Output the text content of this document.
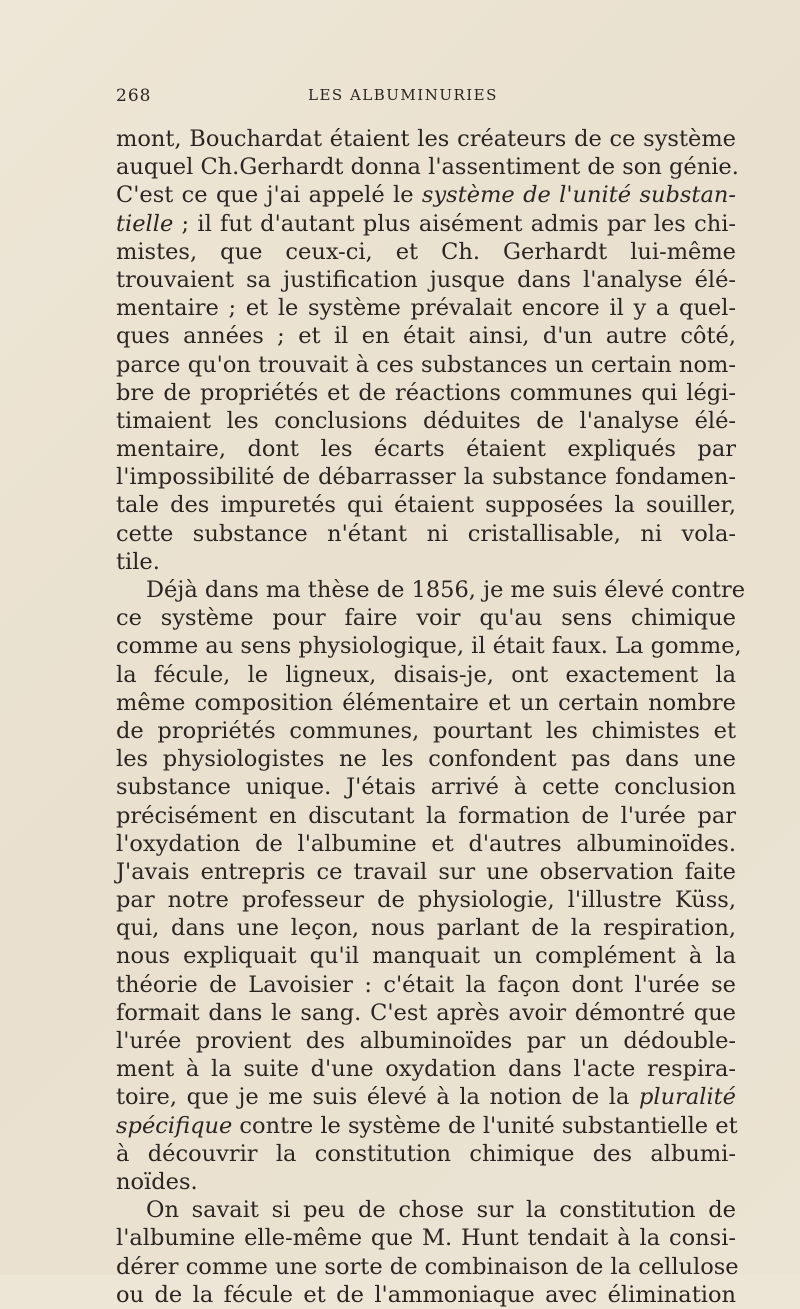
268	LES ALBUMINURIES
mont, Bouchardat étaient les créateurs de ce système
auquel Ch.Gerhardt donna l'assentiment de son génie.
C'est ce que j'ai appelé le système de l'unité substan-
tielle ; il fut d'autant plus aisément admis par les chi-
mistes, que ceux-ci, et Ch. Gerhardt lui-même
trouvaient sa justification jusque dans l'analyse élé-
mentaire ; et le système prévalait encore il y a quel-
ques années ; et il en était ainsi, d'un autre côté,
parce qu'on trouvait à ces substances un certain nom-
bre de propriétés et de réactions communes qui légi-
timaient les conclusions déduites de l'analyse élé-
mentaire, dont les écarts étaient expliqués par
l'impossibilité de débarrasser la substance fondamen-
tale des impuretés qui étaient supposées la souiller,
cette substance n'étant ni cristallisable, ni vola-
tile.
Déjà dans ma thèse de 1856, je me suis élevé contre
ce système pour faire voir qu'au sens chimique
comme au sens physiologique, il était faux. La gomme,
la fécule, le ligneux, disais-je, ont exactement la
même composition élémentaire et un certain nombre
de propriétés communes, pourtant les chimistes et
les physiologistes ne les confondent pas dans une
substance unique. J'étais arrivé à cette conclusion
précisément en discutant la formation de l'urée par
l'oxydation de l'albumine et d'autres albuminoïdes.
J'avais entrepris ce travail sur une observation faite
par notre professeur de physiologie, l'illustre Küss,
qui, dans une leçon, nous parlant de la respiration,
nous expliquait qu'il manquait un complément à la
théorie de Lavoisier : c'était la façon dont l'urée se
formait dans le sang. C'est après avoir démontré que
l'urée provient des albuminoïdes par un dédouble-
ment à la suite d'une oxydation dans l'acte respira-
toire, que je me suis élevé à la notion de la pluralité
spécifique contre le système de l'unité substantielle et
à découvrir la constitution chimique des albumi-
noïdes.
On savait si peu de chose sur la constitution de
l'albumine elle-même que M. Hunt tendait à la consi-
dérer comme une sorte de combinaison de la cellulose
ou de la fécule et de l'ammoniaque avec élimination
